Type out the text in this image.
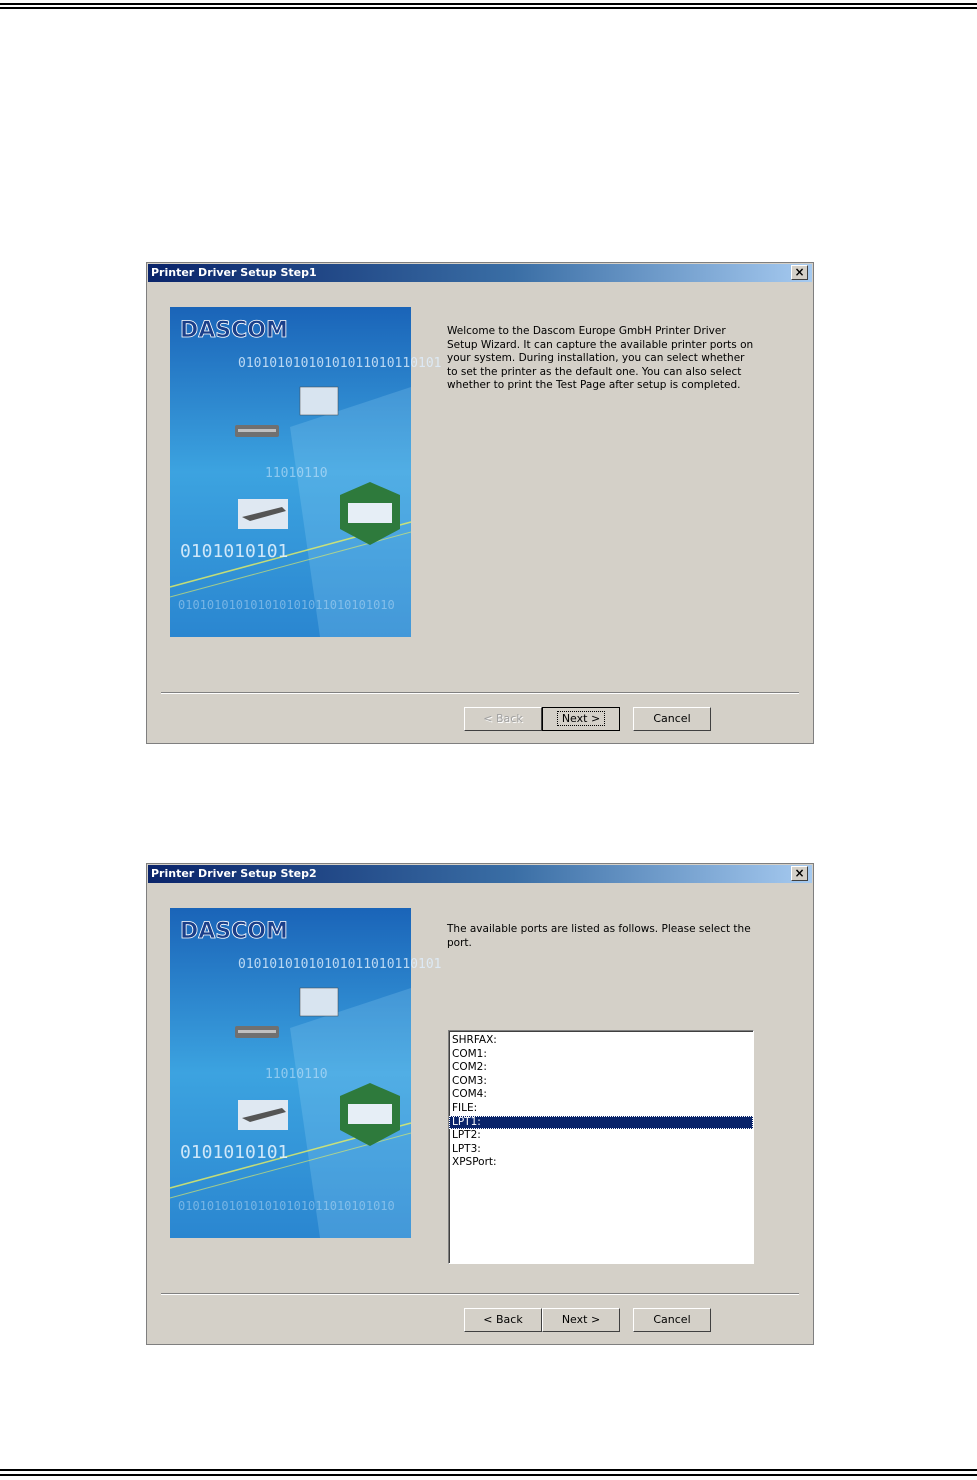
Printer Driver Setup Step1	×
DASCOM
01010101010101011010110101
11010110
0101010101
010101010101010101011010101010
Welcome to the Dascom Europe GmbH Printer Driver Setup Wizard. It can capture the available printer ports on your system. During installation, you can select whether to set the printer as the default one. You can also select whether to print the Test Page after setup is completed.
< Back	Next >	Cancel
Printer Driver Setup Step2	×
DASCOM
01010101010101011010110101
11010110
0101010101
010101010101010101011010101010
The available ports are listed as follows. Please select the port.
SHRFAX:
COM1:
COM2:
COM3:
COM4:
FILE:
LPT1:
LPT2:
LPT3:
XPSPort:
< Back	Next >	Cancel
